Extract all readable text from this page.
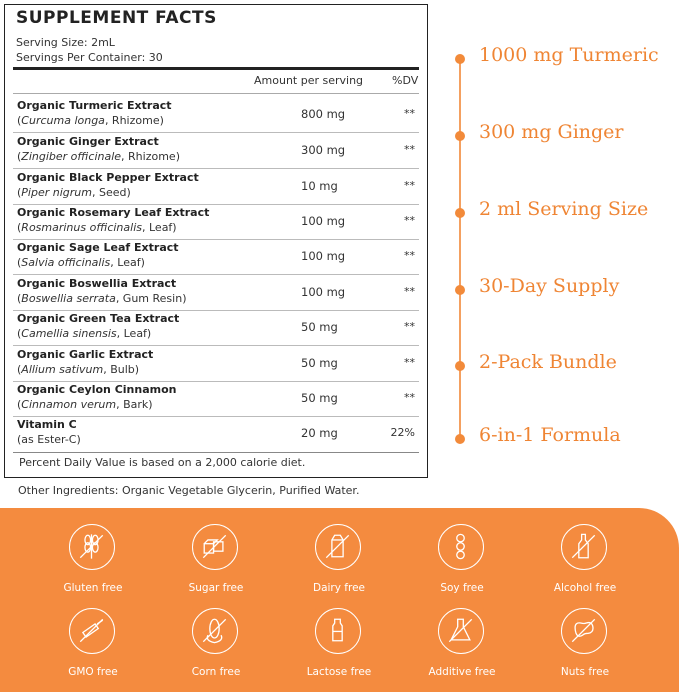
SUPPLEMENT FACTS
Serving Size: 2mL
Servings Per Container: 30
Amount per serving	%DV
Organic Turmeric Extract
(Curcuma longa, Rhizome)	800 mg	**
Organic Ginger Extract
(Zingiber officinale, Rhizome)	300 mg	**
Organic Black Pepper Extract
(Piper nigrum, Seed)	10 mg	**
Organic Rosemary Leaf Extract
(Rosmarinus officinalis, Leaf)	100 mg	**
Organic Sage Leaf Extract
(Salvia officinalis, Leaf)	100 mg	**
Organic Boswellia Extract
(Boswellia serrata, Gum Resin)	100 mg	**
Organic Green Tea Extract
(Camellia sinensis, Leaf)	50 mg	**
Organic Garlic Extract
(Allium sativum, Bulb)	50 mg	**
Organic Ceylon Cinnamon
(Cinnamon verum, Bark)	50 mg	**
Vitamin C
(as Ester-C)	20 mg	22%
Percent Daily Value is based on a 2,000 calorie diet.
Other Ingredients: Organic Vegetable Glycerin, Purified Water.
1000 mg Turmeric
300 mg Ginger
2 ml Serving Size
30-Day Supply
2-Pack Bundle
6-in-1 Formula
Gluten free	Sugar free	Dairy free	Soy free	Alcohol free
GMO free	Corn free	Lactose free	Additive free	Nuts free
